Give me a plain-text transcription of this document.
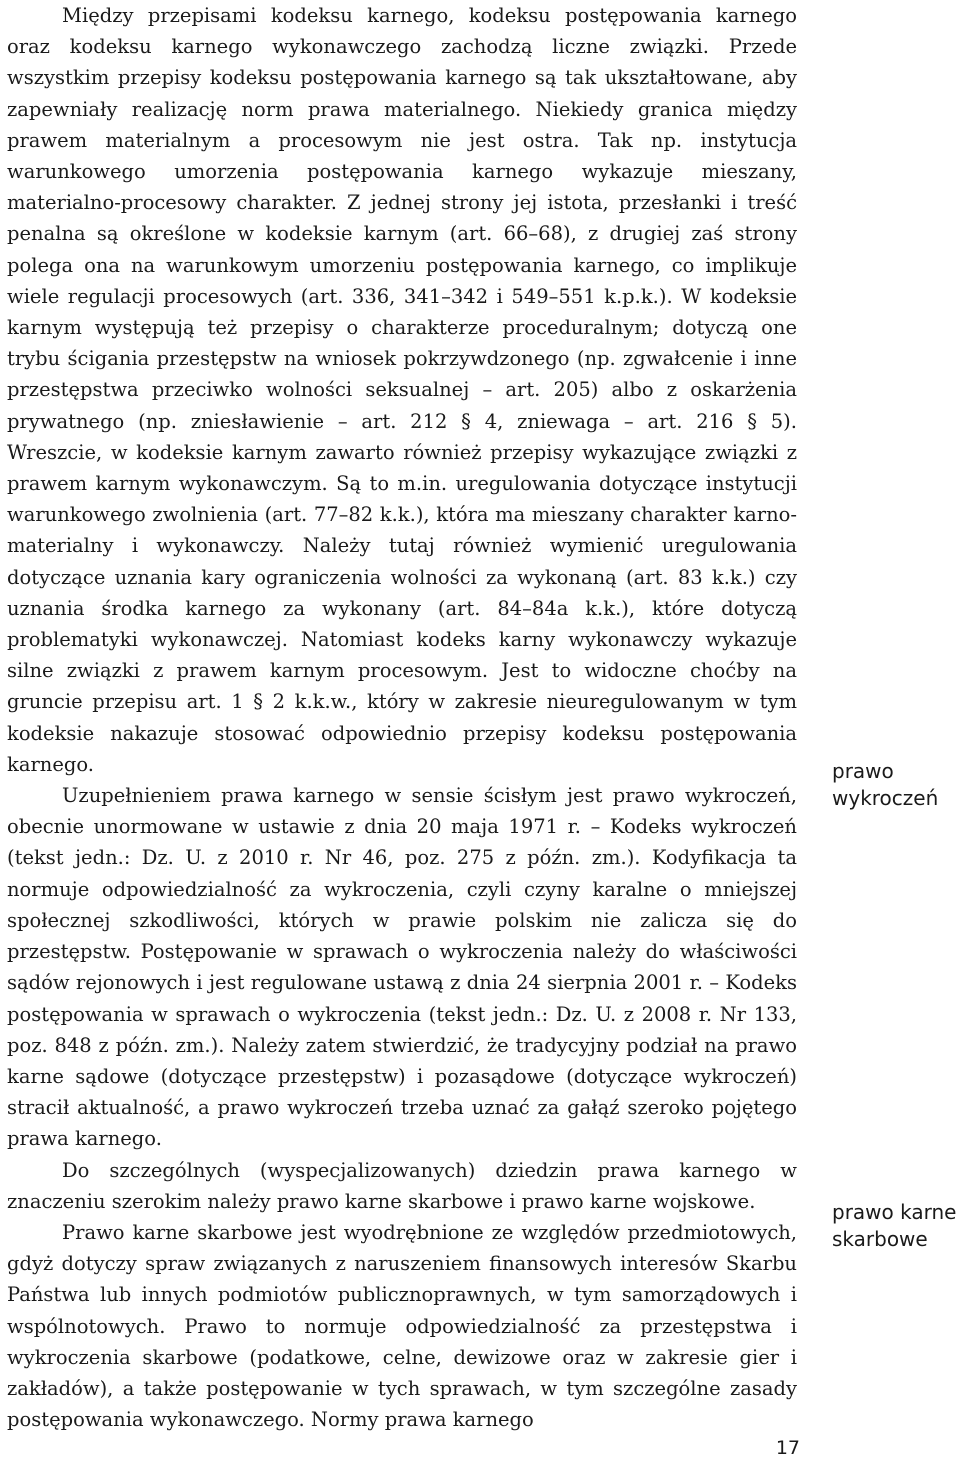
Między przepisami kodeksu karnego, kodeksu postępowania karnego oraz kodeksu karnego wykonawczego zachodzą liczne związki. Przede wszystkim przepisy kodeksu postępowania karnego są tak ukształtowane, aby zapewniały realizację norm prawa materialnego. Niekiedy granica między prawem materialnym a procesowym nie jest ostra. Tak np. instytucja warunkowego umorzenia postępowania karnego wykazuje mieszany, materialno-procesowy charakter. Z jednej strony jej istota, przesłanki i treść penalna są określone w kodeksie karnym (art. 66–68), z drugiej zaś strony polega ona na warunkowym umorzeniu postępowania karnego, co implikuje wiele regulacji procesowych (art. 336, 341–342 i 549–551 k.p.k.). W kodeksie karnym występują też przepisy o charakterze proceduralnym; dotyczą one trybu ścigania przestępstw na wniosek pokrzywdzonego (np. zgwałcenie i inne przestępstwa przeciwko wolności seksualnej – art. 205) albo z oskarżenia prywatnego (np. zniesławienie – art. 212 § 4, zniewaga – art. 216 § 5). Wreszcie, w kodeksie karnym zawarto również przepisy wykazujące związki z prawem karnym wykonawczym. Są to m.in. uregulowania dotyczące instytucji warunkowego zwolnienia (art. 77–82 k.k.), która ma mieszany charakter karno-materialny i wykonawczy. Należy tutaj również wymienić uregulowania dotyczące uznania kary ograniczenia wolności za wykonaną (art. 83 k.k.) czy uznania środka karnego za wykonany (art. 84–84a k.k.), które dotyczą problematyki wykonawczej. Natomiast kodeks karny wykonawczy wykazuje silne związki z prawem karnym procesowym. Jest to widoczne choćby na gruncie przepisu art. 1 § 2 k.k.w., który w zakresie nieuregulowanym w tym kodeksie nakazuje stosować odpowiednio przepisy kodeksu postępowania karnego.

Uzupełnieniem prawa karnego w sensie ścisłym jest prawo wykroczeń, obecnie unormowane w ustawie z dnia 20 maja 1971 r. – Kodeks wykroczeń (tekst jedn.: Dz. U. z 2010 r. Nr 46, poz. 275 z późn. zm.). Kodyfikacja ta normuje odpowiedzialność za wykroczenia, czyli czyny karalne o mniejszej społecznej szkodliwości, których w prawie polskim nie zalicza się do przestępstw. Postępowanie w sprawach o wykroczenia należy do właściwości sądów rejonowych i jest regulowane ustawą z dnia 24 sierpnia 2001 r. – Kodeks postępowania w sprawach o wykroczenia (tekst jedn.: Dz. U. z 2008 r. Nr 133, poz. 848 z późn. zm.). Należy zatem stwierdzić, że tradycyjny podział na prawo karne sądowe (dotyczące przestępstw) i pozasądowe (dotyczące wykroczeń) stracił aktualność, a prawo wykroczeń trzeba uznać za gałąź szeroko pojętego prawa karnego.

Do szczególnych (wyspecjalizowanych) dziedzin prawa karnego w znaczeniu szerokim należy prawo karne skarbowe i prawo karne wojskowe.

Prawo karne skarbowe jest wyodrębnione ze względów przedmiotowych, gdyż dotyczy spraw związanych z naruszeniem finansowych interesów Skarbu Państwa lub innych podmiotów publicznoprawnych, w tym samorządowych i wspólnotowych. Prawo to normuje odpowiedzialność za przestępstwa i wykroczenia skarbowe (podatkowe, celne, dewizowe oraz w zakresie gier i zakładów), a także postępowanie w tych sprawach, w tym szczególne zasady postępowania wykonawczego. Normy prawa karnego

prawo
wykroczeń
prawo karne
skarbowe
17
